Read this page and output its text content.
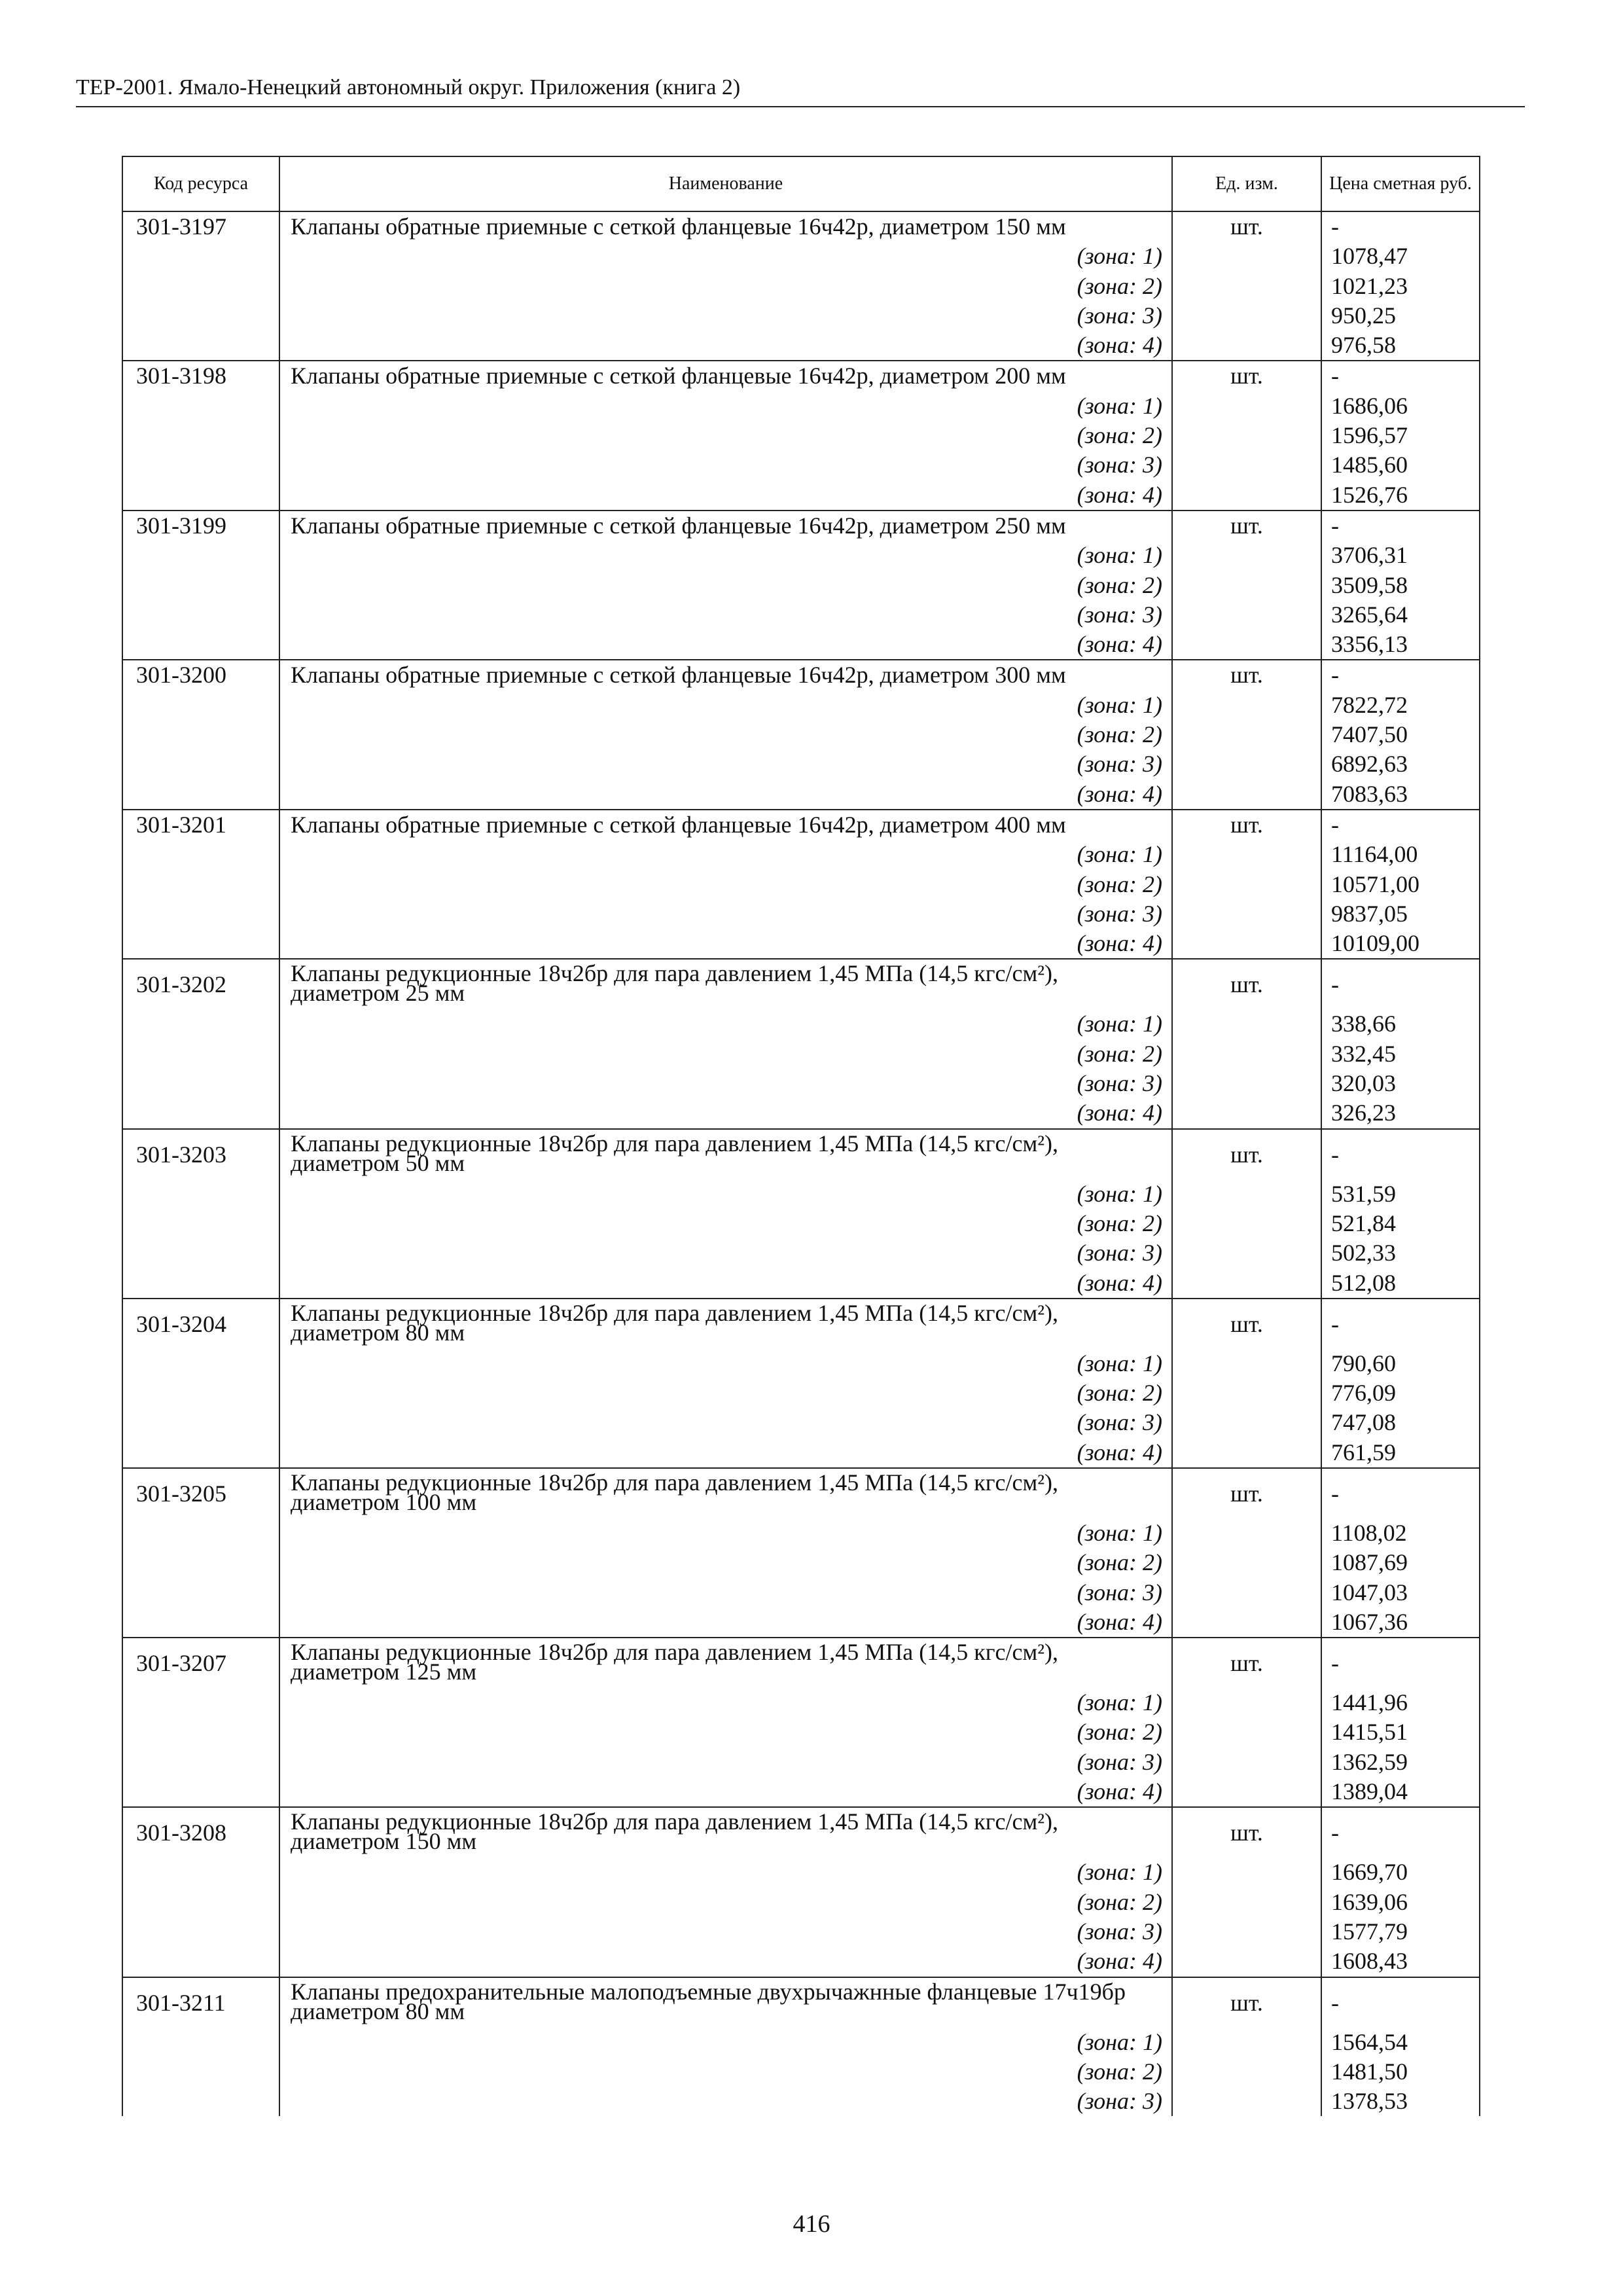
ТЕР-2001. Ямало-Ненецкий автономный округ. Приложения (книга 2)
Код ресурса	Наименование	Ед. изм.	Цена сметная руб.
301-3197	Клапаны обратные приемные с сеткой фланцевые 16ч42р, диаметром 150 мм	шт.	-
	(зона: 1)		1078,47
	(зона: 2)		1021,23
	(зона: 3)		950,25
	(зона: 4)		976,58
301-3198	Клапаны обратные приемные с сеткой фланцевые 16ч42р, диаметром 200 мм	шт.	-
	(зона: 1)		1686,06
	(зона: 2)		1596,57
	(зона: 3)		1485,60
	(зона: 4)		1526,76
301-3199	Клапаны обратные приемные с сеткой фланцевые 16ч42р, диаметром 250 мм	шт.	-
	(зона: 1)		3706,31
	(зона: 2)		3509,58
	(зона: 3)		3265,64
	(зона: 4)		3356,13
301-3200	Клапаны обратные приемные с сеткой фланцевые 16ч42р, диаметром 300 мм	шт.	-
	(зона: 1)		7822,72
	(зона: 2)		7407,50
	(зона: 3)		6892,63
	(зона: 4)		7083,63
301-3201	Клапаны обратные приемные с сеткой фланцевые 16ч42р, диаметром 400 мм	шт.	-
	(зона: 1)		11164,00
	(зона: 2)		10571,00
	(зона: 3)		9837,05
	(зона: 4)		10109,00
301-3202	Клапаны редукционные 18ч2бр для пара давлением 1,45 МПа (14,5 кгс/см²), диаметром 25 мм	шт.	-
	(зона: 1)		338,66
	(зона: 2)		332,45
	(зона: 3)		320,03
	(зона: 4)		326,23
301-3203	Клапаны редукционные 18ч2бр для пара давлением 1,45 МПа (14,5 кгс/см²), диаметром 50 мм	шт.	-
	(зона: 1)		531,59
	(зона: 2)		521,84
	(зона: 3)		502,33
	(зона: 4)		512,08
301-3204	Клапаны редукционные 18ч2бр для пара давлением 1,45 МПа (14,5 кгс/см²), диаметром 80 мм	шт.	-
	(зона: 1)		790,60
	(зона: 2)		776,09
	(зона: 3)		747,08
	(зона: 4)		761,59
301-3205	Клапаны редукционные 18ч2бр для пара давлением 1,45 МПа (14,5 кгс/см²), диаметром 100 мм	шт.	-
	(зона: 1)		1108,02
	(зона: 2)		1087,69
	(зона: 3)		1047,03
	(зона: 4)		1067,36
301-3207	Клапаны редукционные 18ч2бр для пара давлением 1,45 МПа (14,5 кгс/см²), диаметром 125 мм	шт.	-
	(зона: 1)		1441,96
	(зона: 2)		1415,51
	(зона: 3)		1362,59
	(зона: 4)		1389,04
301-3208	Клапаны редукционные 18ч2бр для пара давлением 1,45 МПа (14,5 кгс/см²), диаметром 150 мм	шт.	-
	(зона: 1)		1669,70
	(зона: 2)		1639,06
	(зона: 3)		1577,79
	(зона: 4)		1608,43
301-3211	Клапаны предохранительные малоподъемные двухрычажнные фланцевые 17ч19бр диаметром 80 мм	шт.	-
	(зона: 1)		1564,54
	(зона: 2)		1481,50
	(зона: 3)		1378,53
416
